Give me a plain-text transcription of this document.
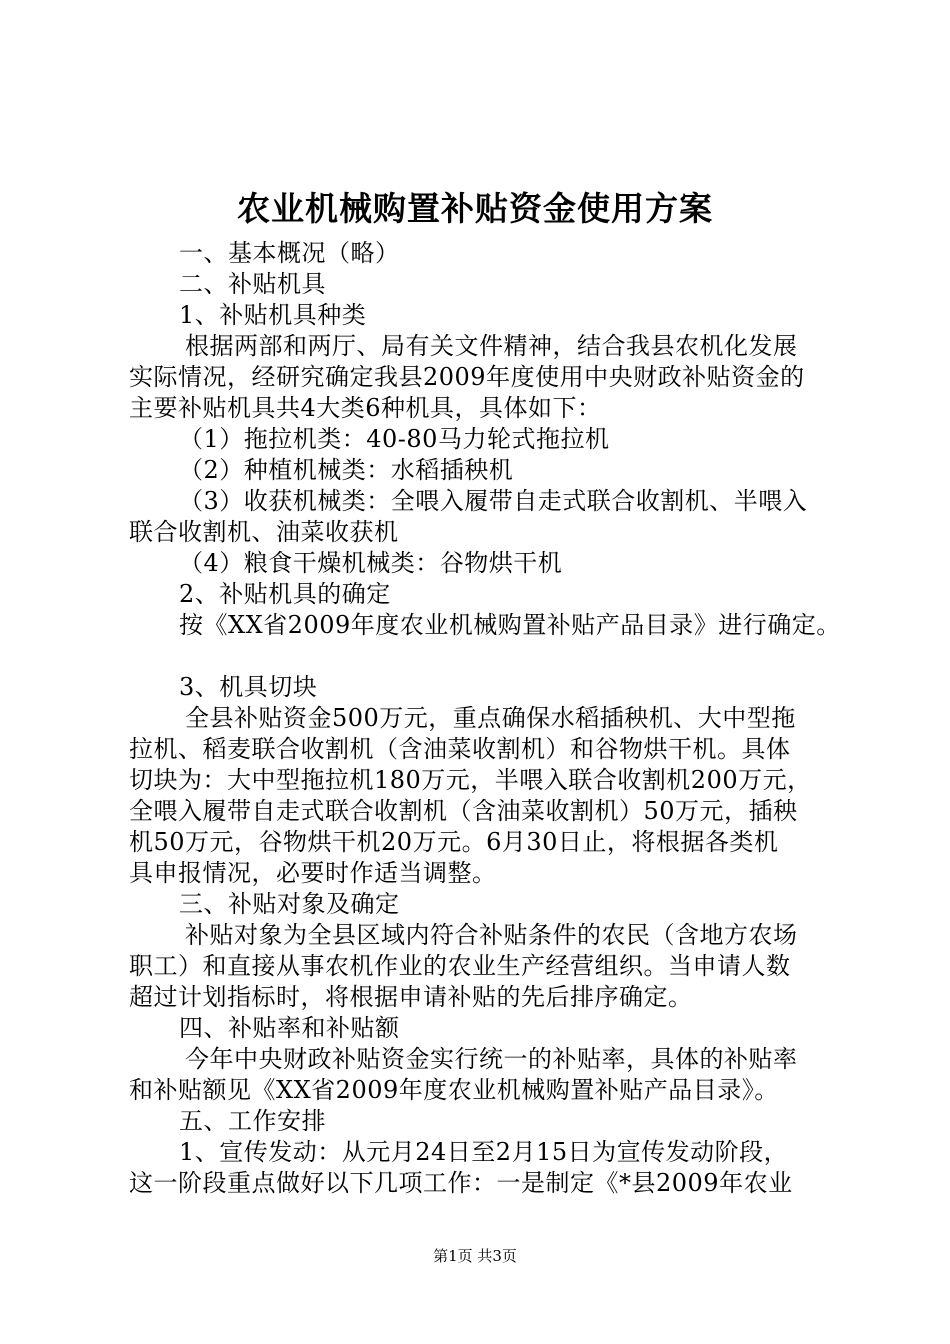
农业机械购置补贴资金使用方案
一、基本概况（略）
二、补贴机具
1、补贴机具种类
根据两部和两厅、局有关文件精神，结合我县农机化发展
实际情况，经研究确定我县2009年度使用中央财政补贴资金的
主要补贴机具共4大类6种机具，具体如下：
（1）拖拉机类：40-80马力轮式拖拉机
（2）种植机械类：水稻插秧机
（3）收获机械类：全喂入履带自走式联合收割机、半喂入
联合收割机、油菜收获机
（4）粮食干燥机械类：谷物烘干机
2、补贴机具的确定
按《XX省2009年度农业机械购置补贴产品目录》进行确定。
3、机具切块
全县补贴资金500万元，重点确保水稻插秧机、大中型拖
拉机、稻麦联合收割机（含油菜收割机）和谷物烘干机。具体
切块为：大中型拖拉机180万元，半喂入联合收割机200万元，
全喂入履带自走式联合收割机（含油菜收割机）50万元，插秧
机50万元，谷物烘干机20万元。6月30日止，将根据各类机
具申报情况，必要时作适当调整。
三、补贴对象及确定
补贴对象为全县区域内符合补贴条件的农民（含地方农场
职工）和直接从事农机作业的农业生产经营组织。当申请人数
超过计划指标时，将根据申请补贴的先后排序确定。
四、补贴率和补贴额
今年中央财政补贴资金实行统一的补贴率，具体的补贴率
和补贴额见《XX省2009年度农业机械购置补贴产品目录》。
五、工作安排
1、宣传发动：从元月24日至2月15日为宣传发动阶段，
这一阶段重点做好以下几项工作：一是制定《*县2009年农业
第1页 共3页
